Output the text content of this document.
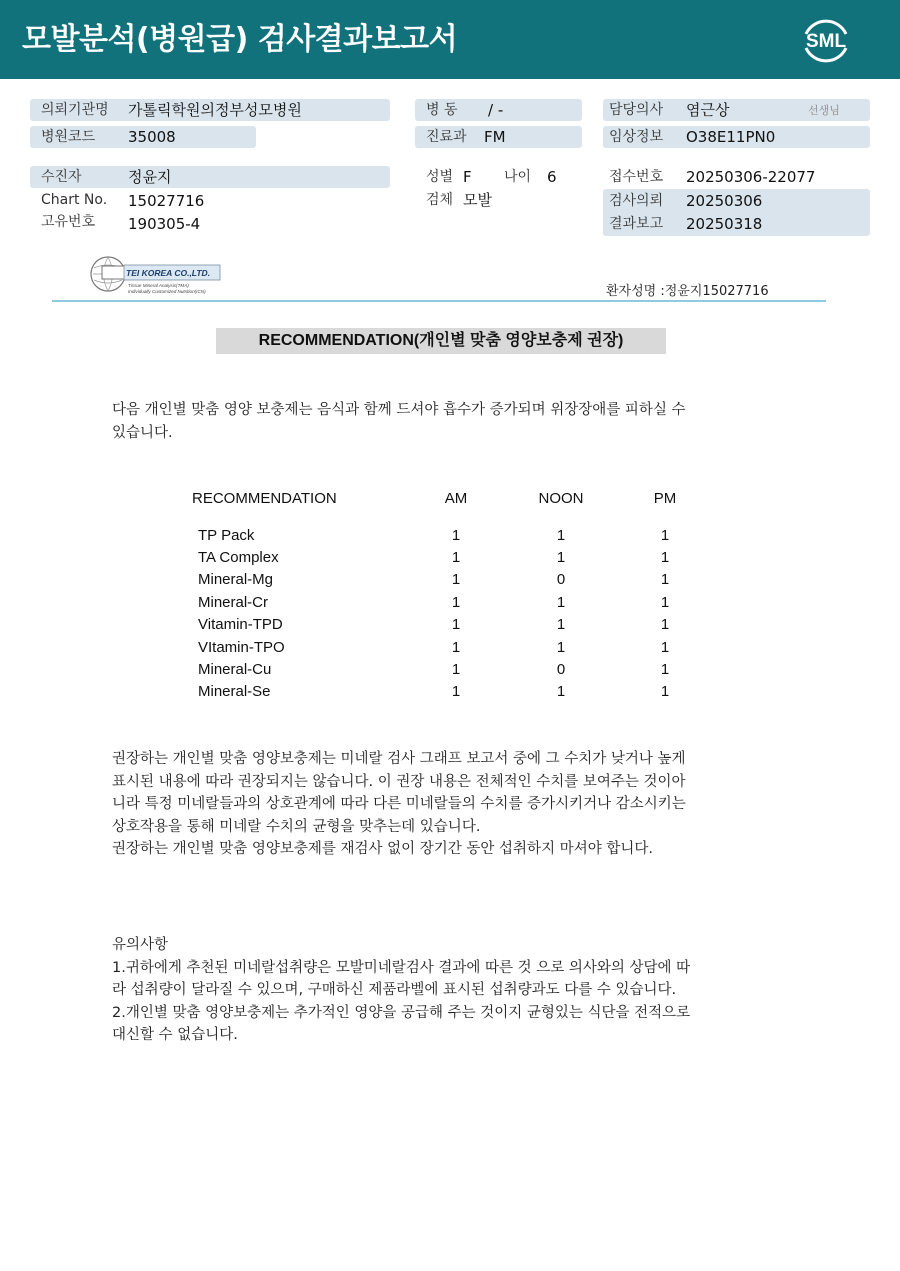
모발분석(병원급) 검사결과보고서	SML
의뢰기관명 가톨릭학원의정부성모병원
병원코드 35008
병 동 / -
진료과 FM
담당의사 염근상	선생님
임상정보 O38E11PN0
수진자	정윤지
Chart No. 15027716
고유번호 190305-4
성별 F 나이 6
검체 모발
접수번호 20250306-22077
검사의뢰 20250306
결과보고 20250318
TEI KOREA CO.,LTD.
Tissue Mineral Analysis(TMA)
Individually Customized Nutrition(ICN)	환자성명 :정윤지15027716
RECOMMENDATION(개인별 맞춤 영양보충제 권장)

다음 개인별 맞춤 영양 보충제는 음식과 함께 드셔야 흡수가 증가되며 위장장애를 피하실 수

있습니다.

RECOMMENDATION	AM	NOON	PM
TP Pack	1	1	1
TA Complex	1	1	1
Mineral-Mg	1	0	1
Mineral-Cr	1	1	1
Vitamin-TPD	1	1	1
VItamin-TPO	1	1	1
Mineral-Cu	1	0	1
Mineral-Se	1	1	1

권장하는 개인별 맞춤 영양보충제는 미네랄 검사 그래프 보고서 중에 그 수치가 낮거나 높게

표시된 내용에 따라 권장되지는 않습니다. 이 권장 내용은 전체적인 수치를 보여주는 것이아

니라 특정 미네랄들과의 상호관계에 따라 다른 미네랄들의 수치를 증가시키거나 감소시키는

상호작용을 통해 미네랄 수치의 균형을 맞추는데 있습니다.

권장하는 개인별 맞춤 영양보충제를 재검사 없이 장기간 동안 섭취하지 마셔야 합니다.

유의사항

1.귀하에게 추천된 미네랄섭취량은 모발미네랄검사 결과에 따른 것 으로 의사와의 상담에 따

라 섭취량이 달라질 수 있으며, 구매하신 제품라벨에 표시된 섭취량과도 다를 수 있습니다.

2.개인별 맞춤 영양보충제는 추가적인 영양을 공급해 주는 것이지 균형있는 식단을 전적으로

대신할 수 없습니다.
